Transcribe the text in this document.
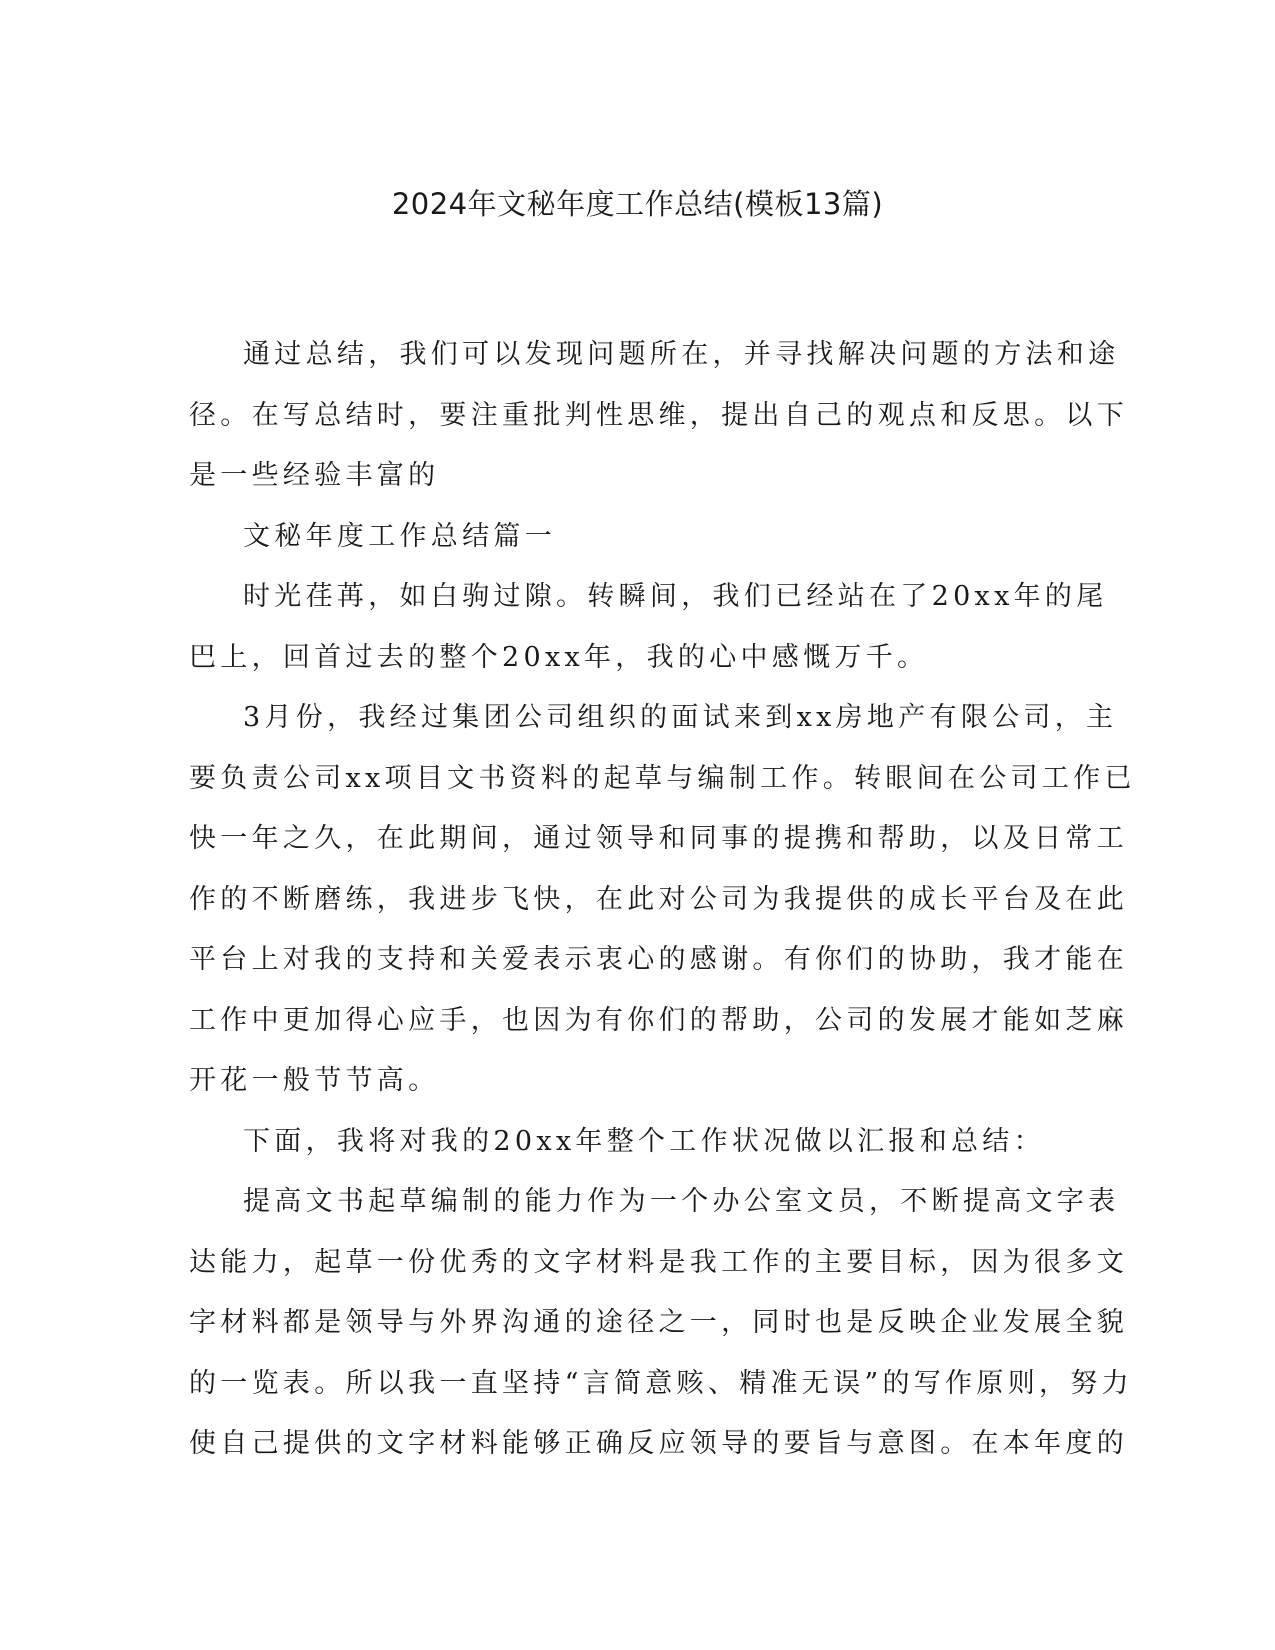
2024年文秘年度工作总结(模板13篇)

通过总结，我们可以发现问题所在，并寻找解决问题的方法和途

径。在写总结时，要注重批判性思维，提出自己的观点和反思。以下

是一些经验丰富的

文秘年度工作总结篇一

时光荏苒，如白驹过隙。转瞬间，我们已经站在了20xx年的尾

巴上，回首过去的整个20xx年，我的心中感慨万千。

3月份，我经过集团公司组织的面试来到xx房地产有限公司，主

要负责公司xx项目文书资料的起草与编制工作。转眼间在公司工作已

快一年之久，在此期间，通过领导和同事的提携和帮助，以及日常工

作的不断磨练，我进步飞快，在此对公司为我提供的成长平台及在此

平台上对我的支持和关爱表示衷心的感谢。有你们的协助，我才能在

工作中更加得心应手，也因为有你们的帮助，公司的发展才能如芝麻

开花一般节节高。

下面，我将对我的20xx年整个工作状况做以汇报和总结：

提高文书起草编制的能力作为一个办公室文员，不断提高文字表

达能力，起草一份优秀的文字材料是我工作的主要目标，因为很多文

字材料都是领导与外界沟通的途径之一，同时也是反映企业发展全貌

的一览表。所以我一直坚持“言简意赅、精准无误”的写作原则，努力

使自己提供的文字材料能够正确反应领导的要旨与意图。在本年度的
